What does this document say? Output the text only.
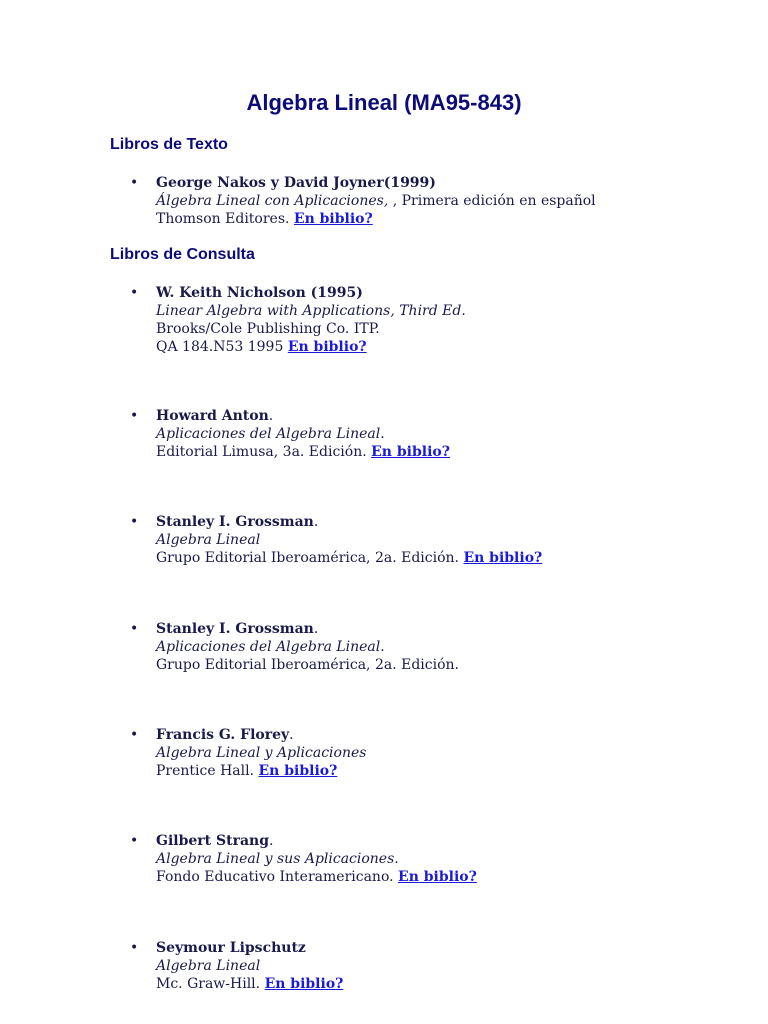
Algebra Lineal (MA95-843)
Libros de Texto
• George Nakos y David Joyner(1999)
Álgebra Lineal con Aplicaciones, , Primera edición en español
Thomson Editores. En biblio?
Libros de Consulta
• W. Keith Nicholson (1995)
Linear Algebra with Applications, Third Ed.
Brooks/Cole Publishing Co. ITP.
QA 184.N53 1995 En biblio?
• Howard Anton.
Aplicaciones del Algebra Lineal.
Editorial Limusa, 3a. Edición. En biblio?
• Stanley I. Grossman.
Algebra Lineal
Grupo Editorial Iberoamérica, 2a. Edición. En biblio?
• Stanley I. Grossman.
Aplicaciones del Algebra Lineal.
Grupo Editorial Iberoamérica, 2a. Edición.
• Francis G. Florey.
Algebra Lineal y Aplicaciones
Prentice Hall. En biblio?
• Gilbert Strang.
Algebra Lineal y sus Aplicaciones.
Fondo Educativo Interamericano. En biblio?
• Seymour Lipschutz
Algebra Lineal
Mc. Graw-Hill. En biblio?
